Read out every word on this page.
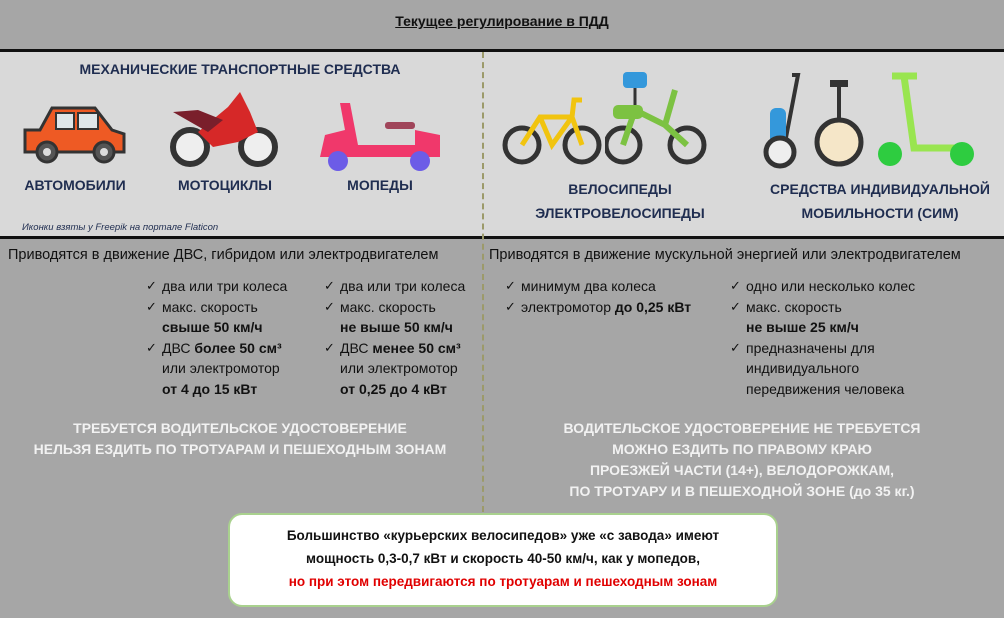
Текущее регулирование в ПДД
МЕХАНИЧЕСКИЕ ТРАНСПОРТНЫЕ СРЕДСТВА
АВТОМОБИЛИ	МОТОЦИКЛЫ	МОПЕДЫ
Иконки взяты у Freepik на портале Flaticon
ВЕЛОСИПЕДЫ
ЭЛЕКТРОВЕЛОСИПЕДЫ
СРЕДСТВА ИНДИВИДУАЛЬНОЙ
МОБИЛЬНОСТИ (СИМ)
Приводятся в движение ДВС, гибридом или электродвигателем
✓ два или три колеса
✓ макс. скорость
свыше 50 км/ч
✓ ДВС более 50 см³
или электромотор
от 4 до 15 кВт
✓ два или три колеса
✓ макс. скорость
не выше 50 км/ч
✓ ДВС менее 50 см³
или электромотор
от 0,25 до 4 кВт
ТРЕБУЕТСЯ ВОДИТЕЛЬСКОЕ УДОСТОВЕРЕНИЕ
НЕЛЬЗЯ ЕЗДИТЬ ПО ТРОТУАРАМ И ПЕШЕХОДНЫМ ЗОНАМ
Приводятся в движение мускульной энергией или электродвигателем
✓ минимум два колеса
✓ электромотор до 0,25 кВт
✓ одно или несколько колес
✓ макс. скорость
не выше 25 км/ч
✓ предназначены для
индивидуального
передвижения человека
ВОДИТЕЛЬСКОЕ УДОСТОВЕРЕНИЕ НЕ ТРЕБУЕТСЯ
МОЖНО ЕЗДИТЬ ПО ПРАВОМУ КРАЮ
ПРОЕЗЖЕЙ ЧАСТИ (14+), ВЕЛОДОРОЖКАМ,
ПО ТРОТУАРУ И В ПЕШЕХОДНОЙ ЗОНЕ (до 35 кг.)
Большинство «курьерских велосипедов» уже «с завода» имеют
мощность 0,3-0,7 кВт и скорость 40-50 км/ч, как у мопедов,
но при этом передвигаются по тротуарам и пешеходным зонам
